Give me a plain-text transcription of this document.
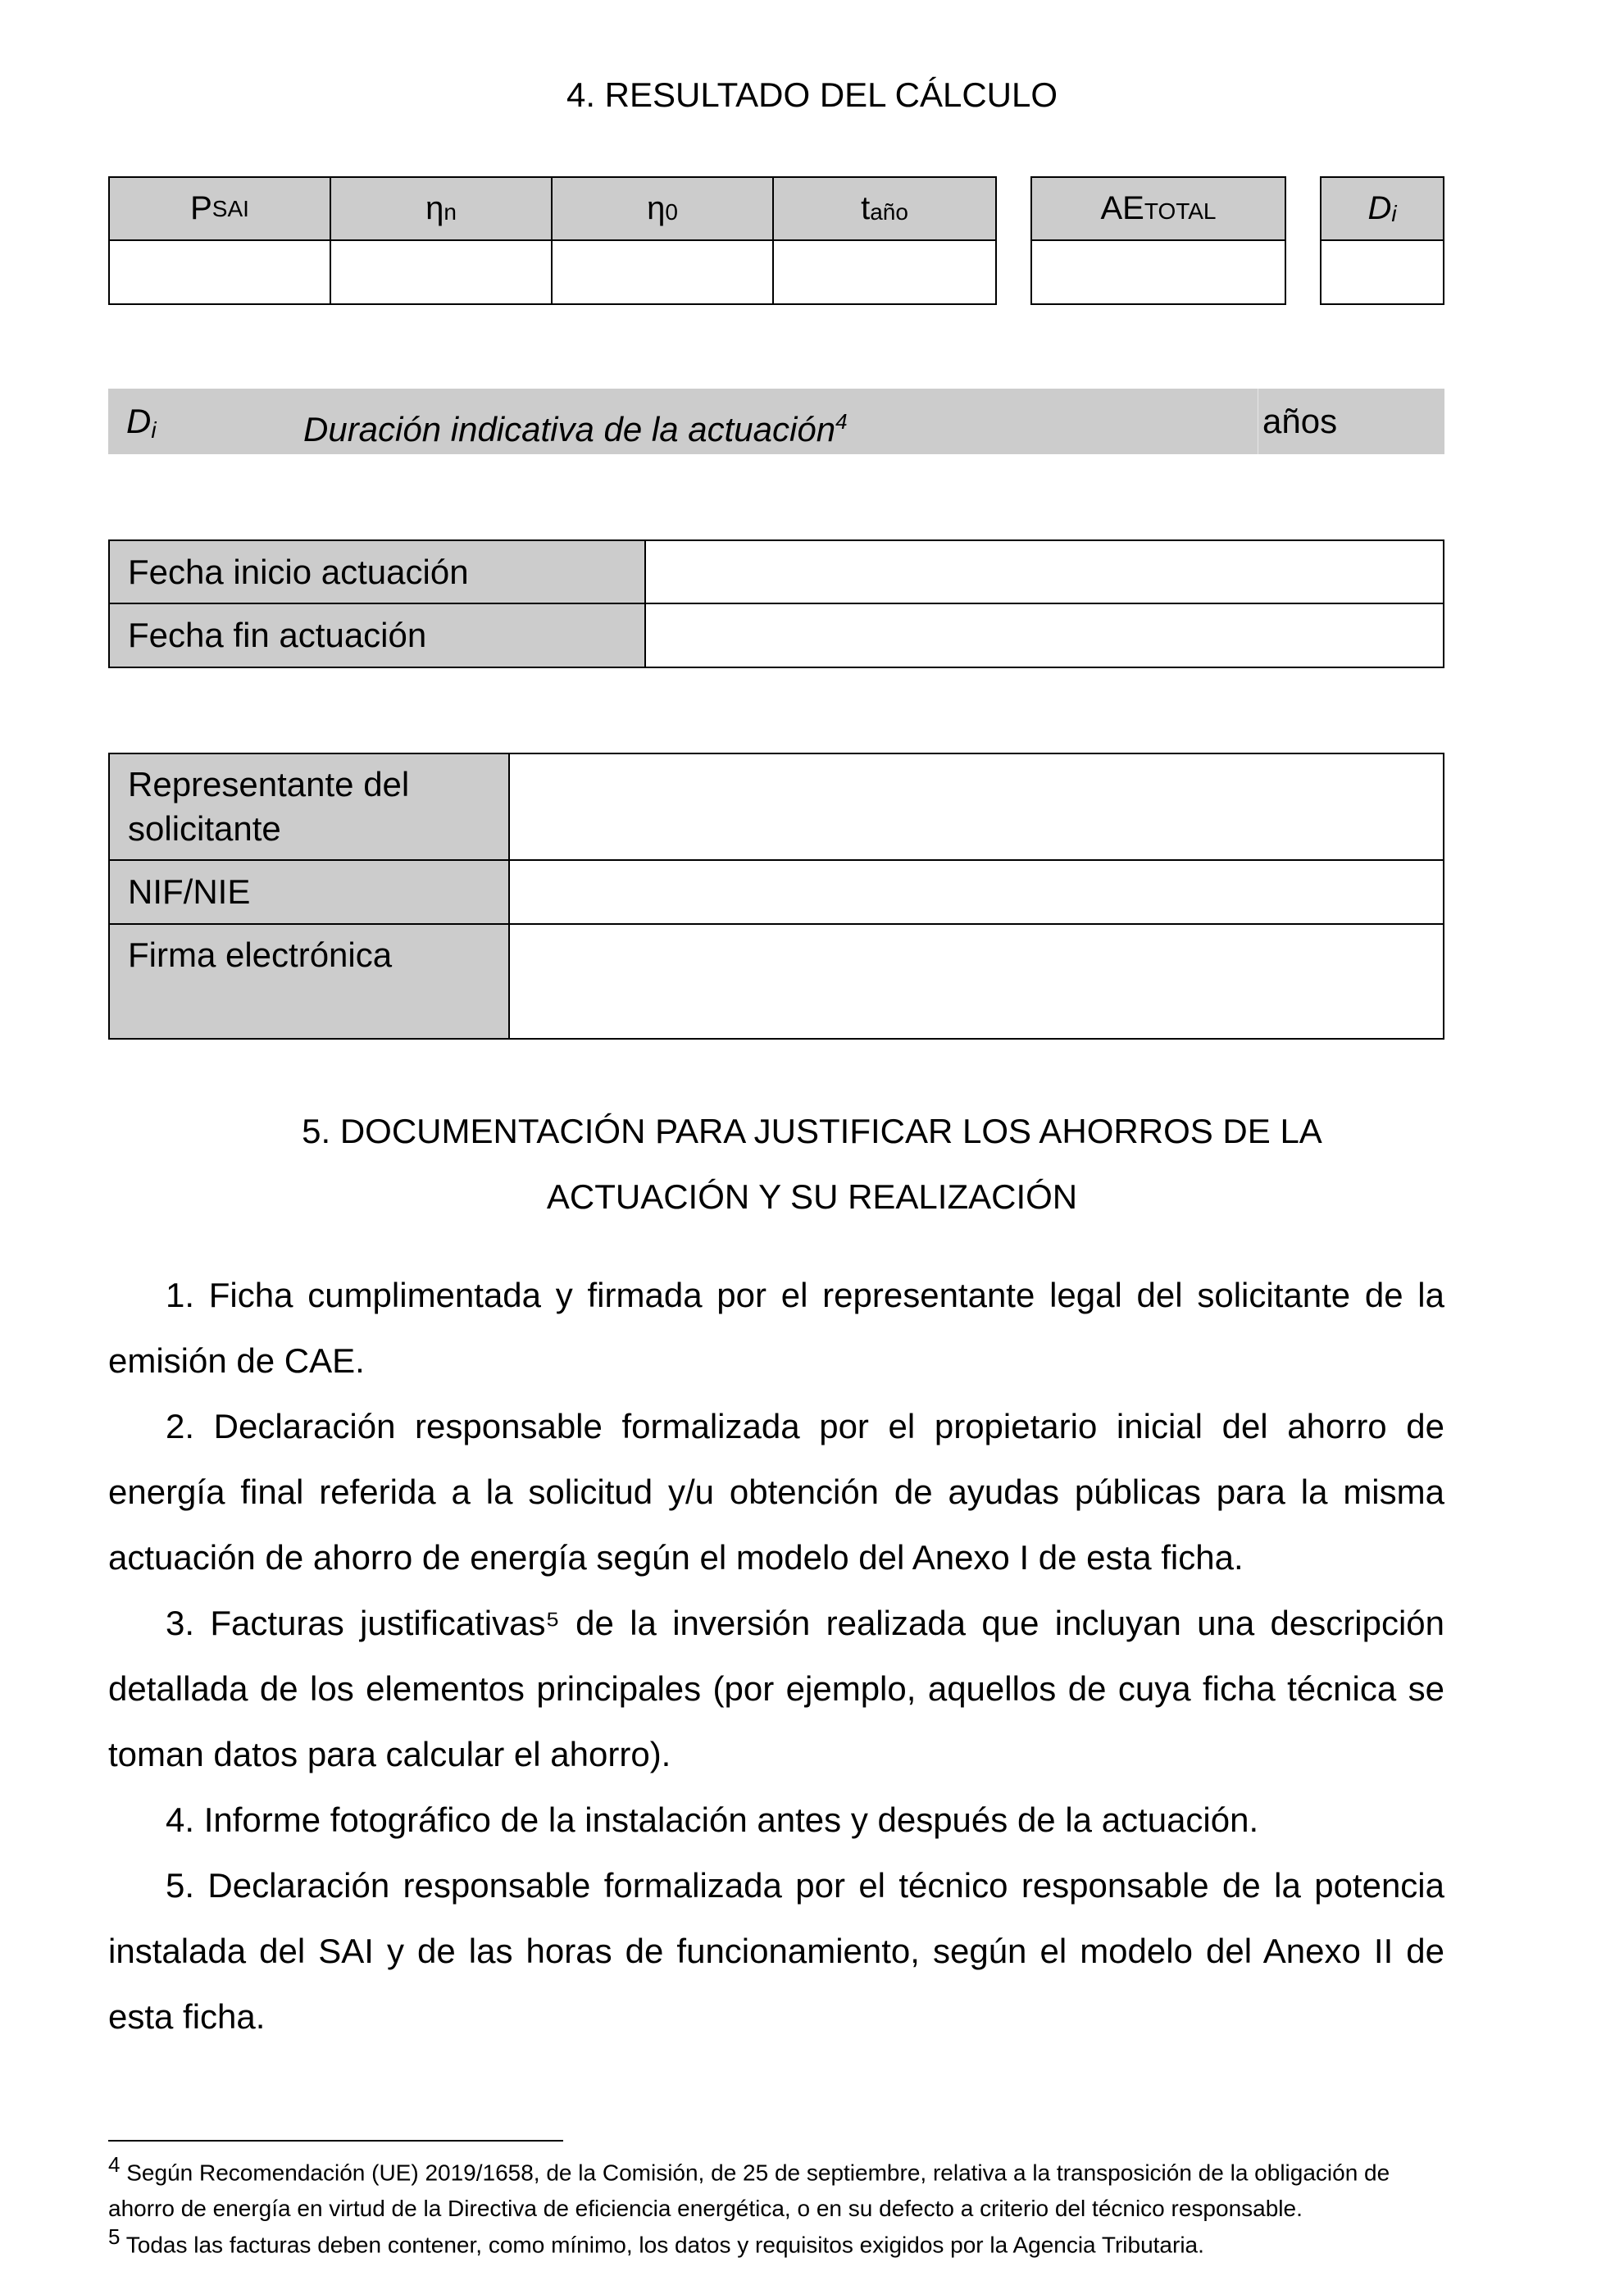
4. RESULTADO DEL CÁLCULO
P SAI	η n	η 0	t año	AE TOTAL	D i
Di	Duración indicativa de la actuación$^4$	años
Fecha inicio actuación
Fecha fin actuación
Representante del solicitante
NIF/NIE
Firma electrónica
5. DOCUMENTACIÓN PARA JUSTIFICAR LOS AHORROS DE LA
ACTUACIÓN Y SU REALIZACIÓN
1. Ficha cumplimentada y firmada por el representante legal del solicitante de la emisión de CAE.
2. Declaración responsable formalizada por el propietario inicial del ahorro de energía final referida a la solicitud y/u obtención de ayudas públicas para la misma actuación de ahorro de energía según el modelo del Anexo I de esta ficha.
3. Facturas justificativas⁵ de la inversión realizada que incluyan una descripción detallada de los elementos principales (por ejemplo, aquellos de cuya ficha técnica se toman datos para calcular el ahorro).
4. Informe fotográfico de la instalación antes y después de la actuación.
5. Declaración responsable formalizada por el técnico responsable de la potencia instalada del SAI y de las horas de funcionamiento, según el modelo del Anexo II de esta ficha.
$^4$ Según Recomendación (UE) 2019/1658, de la Comisión, de 25 de septiembre, relativa a la transposición de la obligación de ahorro de energía en virtud de la Directiva de eficiencia energética, o en su defecto a criterio del técnico responsable.
$^5$ Todas las facturas deben contener, como mínimo, los datos y requisitos exigidos por la Agencia Tributaria.
